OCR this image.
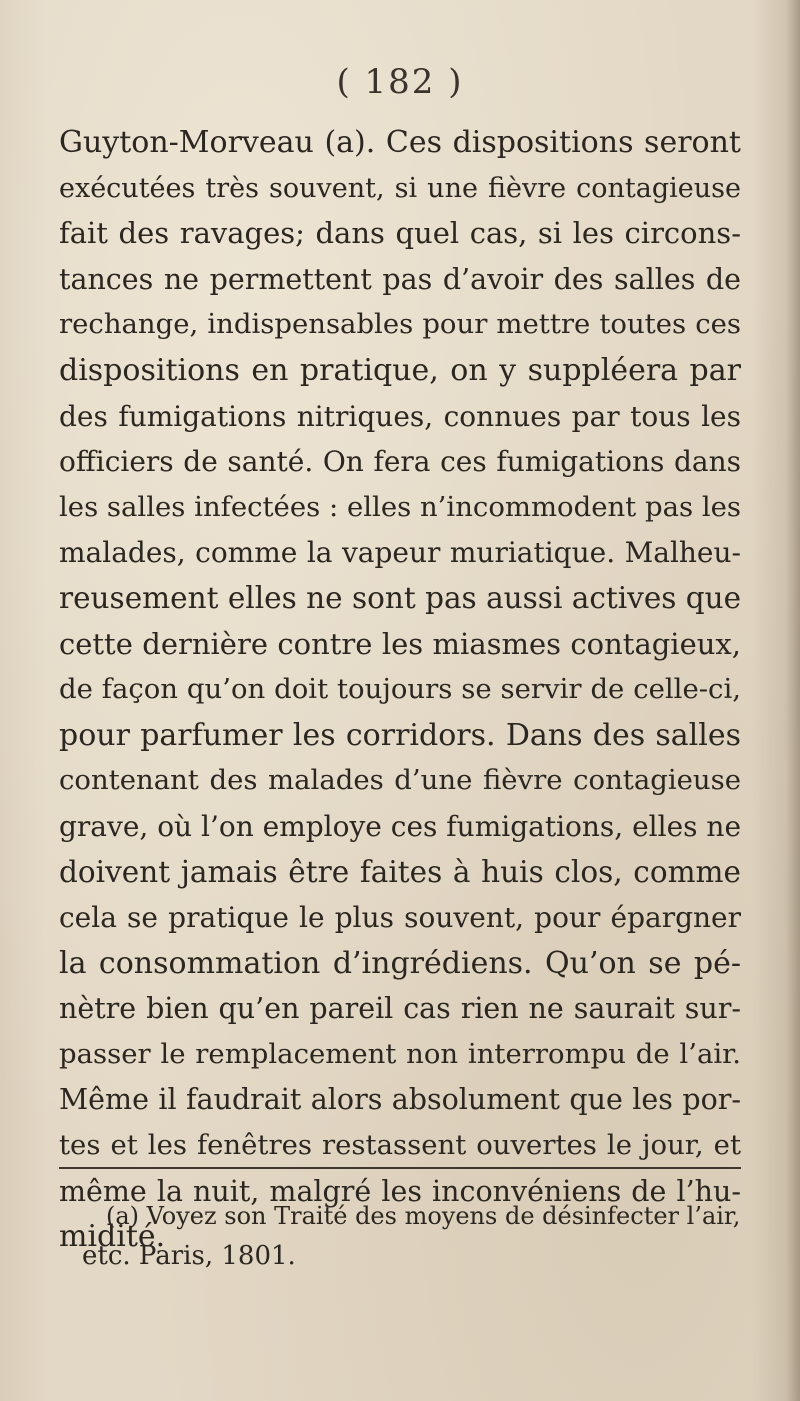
( 182 )
Guyton-Morveau (a). Ces dispositions seront
exécutées très souvent, si une fièvre contagieuse
fait des ravages; dans quel cas, si les circons-
tances ne permettent pas d’avoir des salles de
rechange, indispensables pour mettre toutes ces
dispositions en pratique, on y suppléera par
des fumigations nitriques, connues par tous les
officiers de santé. On fera ces fumigations dans
les salles infectées : elles n’incommodent pas les
malades, comme la vapeur muriatique. Malheu-
reusement elles ne sont pas aussi actives que
cette dernière contre les miasmes contagieux,
de façon qu’on doit toujours se servir de celle-ci,
pour parfumer les corridors. Dans des salles
contenant des malades d’une fièvre contagieuse
grave, où l’on employe ces fumigations, elles ne
doivent jamais être faites à huis clos, comme
cela se pratique le plus souvent, pour épargner
la consommation d’ingrédiens. Qu’on se pé-
nètre bien qu’en pareil cas rien ne saurait sur-
passer le remplacement non interrompu de l’air.
Même il faudrait alors absolument que les por-
tes et les fenêtres restassent ouvertes le jour, et
même la nuit, malgré les inconvéniens de l’hu-
midité.
(a) Voyez son Traité des moyens de désinfecter l’air,
etc. Paris, 1801.
